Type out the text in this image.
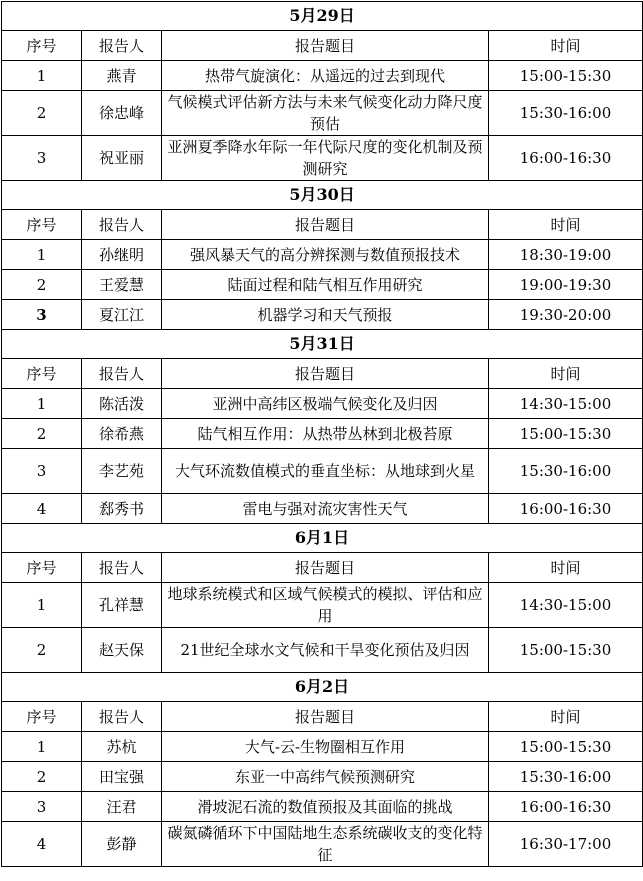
5月29日			
序号	报告人	报告题目	时间
1	燕青	热带气旋演化：从遥远的过去到现代	15:00-15:30
2	徐忠峰	气候模式评估新方法与未来气候变化动力降尺度预估	15:30-16:00
3	祝亚丽	亚洲夏季降水年际一年代际尺度的变化机制及预测研究	16:00-16:30
5月30日			
序号	报告人	报告题目	时间
1	孙继明	强风暴天气的高分辨探测与数值预报技术	18:30-19:00
2	王爱慧	陆面过程和陆气相互作用研究	19:00-19:30
3	夏江江	机器学习和天气预报	19:30-20:00
5月31日			
序号	报告人	报告题目	时间
1	陈活泼	亚洲中高纬区极端气候变化及归因	14:30-15:00
2	徐希燕	陆气相互作用：从热带丛林到北极苔原	15:00-15:30
3	李艺苑	大气环流数值模式的垂直坐标：从地球到火星	15:30-16:00
4	郄秀书	雷电与强对流灾害性天气	16:00-16:30
6月1日			
序号	报告人	报告题目	时间
1	孔祥慧	地球系统模式和区域气候模式的模拟、评估和应用	14:30-15:00
2	赵天保	21世纪全球水文气候和干旱变化预估及归因	15:00-15:30
6月2日			
序号	报告人	报告题目	时间
1	苏杭	大气-云-生物圈相互作用	15:00-15:30
2	田宝强	东亚一中高纬气候预测研究	15:30-16:00
3	汪君	滑坡泥石流的数值预报及其面临的挑战	16:00-16:30
4	彭静	碳氮磷循环下中国陆地生态系统碳收支的变化特征	16:30-17:00
